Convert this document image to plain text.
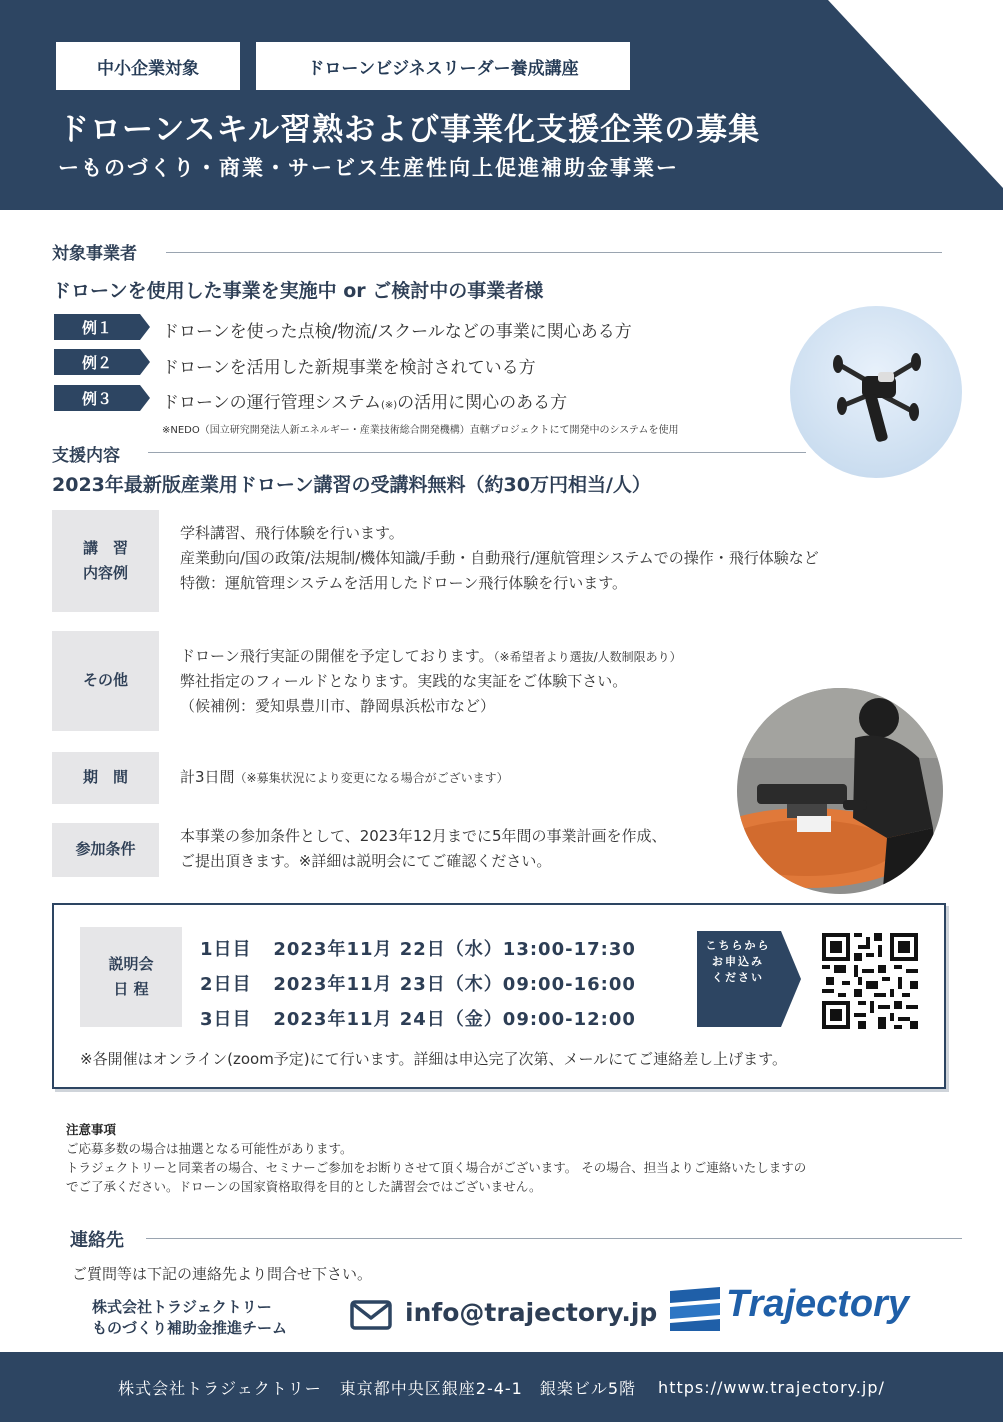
中小企業対象	ドローンビジネスリーダー養成講座
ドローンスキル習熟および事業化支援企業の募集
ーものづくり・商業・サービス生産性向上促進補助金事業ー
対象事業者
ドローンを使用した事業を実施中 or ご検討中の事業者様
例１	ドローンを使った点検/物流/スクールなどの事業に関心ある方
例２	ドローンを活用した新規事業を検討されている方
例３	ドローンの運行管理システム(※)の活用に関心のある方
※NEDO（国立研究開発法人新エネルギー・産業技術総合開発機構）直轄プロジェクトにて開発中のシステムを使用
支援内容
2023年最新版産業用ドローン講習の受講料無料（約30万円相当/人）
講　習
内容例
学科講習、飛行体験を行います。
産業動向/国の政策/法規制/機体知識/手動・自動飛行/運航管理システムでの操作・飛行体験など
特徴：運航管理システムを活用したドローン飛行体験を行います。
その他
ドローン飛行実証の開催を予定しております。（※希望者より選抜/人数制限あり）
弊社指定のフィールドとなります。実践的な実証をご体験下さい。
（候補例：愛知県豊川市、静岡県浜松市など）
期　間	計3日間（※募集状況により変更になる場合がございます）
参加条件
本事業の参加条件として、2023年12月までに5年間の事業計画を作成、
ご提出頂きます。※詳細は説明会にてご確認ください。
説明会
日 程
1日目 2023年11月 22日（水）13:00-17:30
2日目 2023年11月 23日（木）09:00-16:00
3日目 2023年11月 24日（金）09:00-12:00
こちらから
お申込み
ください
※各開催はオンライン(zoom予定)にて行います。詳細は申込完了次第、メールにてご連絡差し上げます。
注意事項
ご応募多数の場合は抽選となる可能性があります。
トラジェクトリーと同業者の場合、セミナーご参加をお断りさせて頂く場合がございます。 その場合、担当よりご連絡いたしますの
でご了承ください。ドローンの国家資格取得を目的とした講習会ではございません。
連絡先
ご質問等は下記の連絡先より問合せ下さい。
株式会社トラジェクトリー
ものづくり補助金推進チーム
info@trajectory.jp Trajectory
株式会社トラジェクトリー 東京都中央区銀座2-4-1　銀楽ビル5階 https://www.trajectory.jp/
